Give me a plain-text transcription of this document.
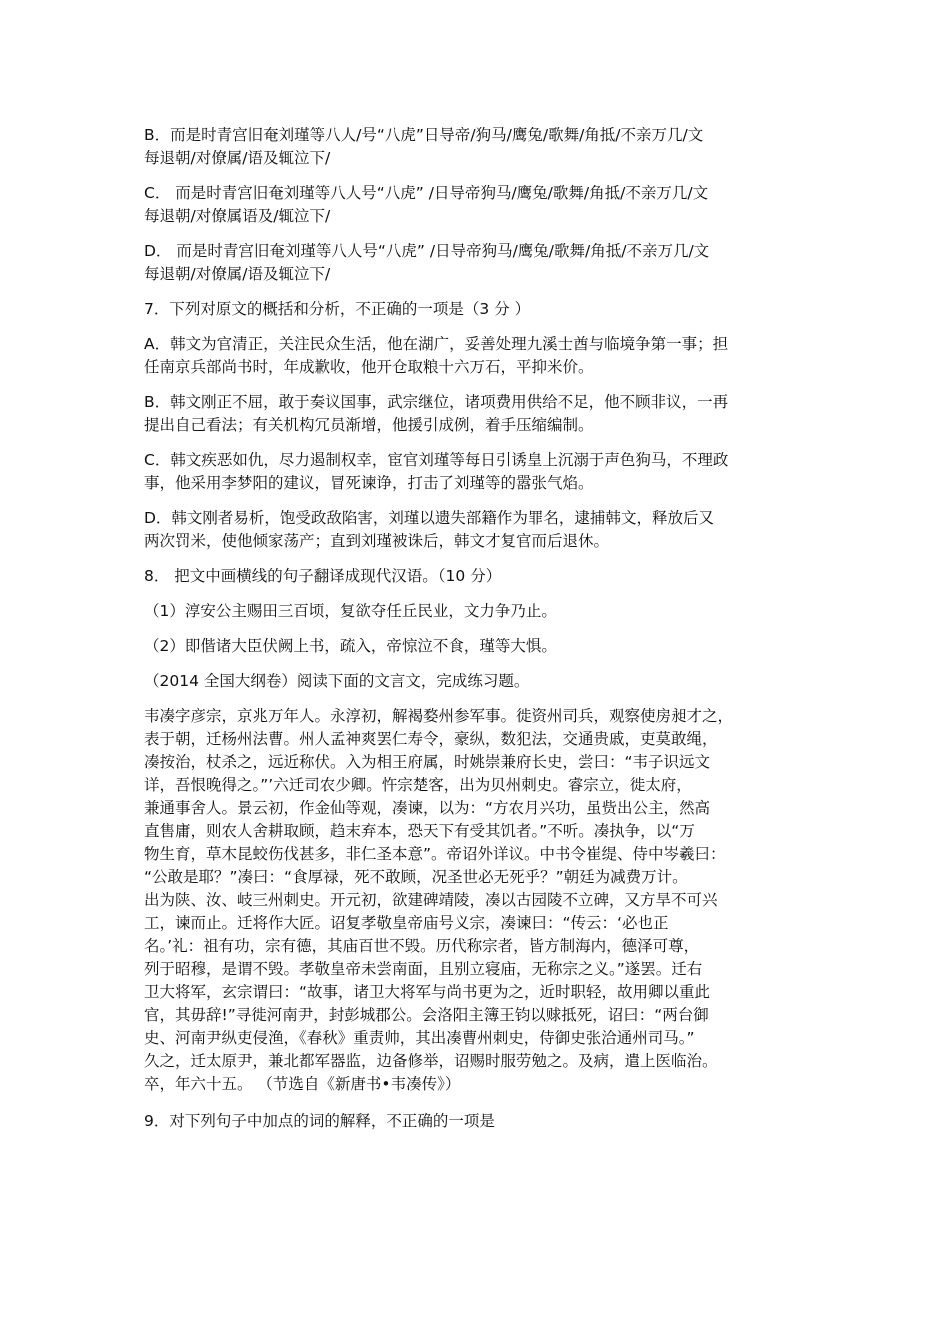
B．而是时青宫旧奄刘瑾等八人/号“八虎”日导帝/狗马/鹰兔/歌舞/角抵/不亲万几/文
每退朝/对僚属/语及辄泣下/

C． 而是时青宫旧奄刘瑾等八人号“八虎” /日导帝狗马/鹰兔/歌舞/角抵/不亲万几/文
每退朝/对僚属语及/辄泣下/

D． 而是时青宫旧奄刘瑾等八人号“八虎” /日导帝狗马/鹰兔/歌舞/角抵/不亲万几/文
每退朝/对僚属/语及辄泣下/

7．下列对原文的概括和分析，不正确的一项是（3 分 ）

A．韩文为官清正，关注民众生活，他在湖广，妥善处理九溪士酋与临境争第一事；担
任南京兵部尚书时，年成歉收，他开仓取粮十六万石，平抑米价。

B．韩文刚正不屈，敢于奏议国事，武宗继位，诸项费用供给不足，他不顾非议，一再
提出自己看法；有关机构冗员渐增，他援引成例，着手压缩编制。

C．韩文疾恶如仇，尽力遏制权幸，宦官刘瑾等每日引诱皇上沉溺于声色狗马，不理政
事，他采用李梦阳的建议，冒死谏诤，打击了刘瑾等的嚣张气焰。

D．韩文刚者易析，饱受政敌陷害，刘瑾以遗失部籍作为罪名，逮捕韩文，释放后又
两次罚米，使他倾家荡产；直到刘瑾被诛后，韩文才复官而后退休。

8． 把文中画横线的句子翻译成现代汉语。（10 分）

（1）淳安公主赐田三百顷，复欲夺任丘民业，文力争乃止。

（2）即偕诸大臣伏阙上书，疏入，帝惊泣不食，瑾等大惧。

（2014 全国大纲卷）阅读下面的文言文，完成练习题。

韦凑字彦宗，京兆万年人。永淳初，解褐婺州参军事。徙资州司兵，观察使房昶才之，
表于朝，迁杨州法曹。州人孟神爽罢仁寿令，豪纵，数犯法，交通贵戚，吏莫敢绳，
凑按治，杖杀之，远近称伏。入为相王府属，时姚崇兼府长史，尝曰：“韦子识远文
详，吾恨晚得之。”’六迁司农少卿。忤宗楚客，出为贝州刺史。睿宗立，徙太府，
兼通事舍人。景云初，作金仙等观，凑谏，以为：“方农月兴功，虽赀出公主，然高
直售庸，则农人舍耕取顾，趋末弃本，恐天下有受其饥者。”不听。凑执争，以“万
物生育，草木昆蛟伤伐甚多，非仁圣本意”。帝诏外详议。中书令崔缇、侍中岑羲曰：
“公敢是耶？”凑曰：“食厚禄，死不敢顾，况圣世必无死乎？”朝廷为减费万计。
出为陕、汝、岐三州刺史。开元初，欲建碑靖陵，凑以古园陵不立碑，又方旱不可兴
工，谏而止。迁将作大匠。诏复孝敬皇帝庙号义宗，凑谏曰：“传云：‘必也正
名。’礼：祖有功，宗有德，其庙百世不毁。历代称宗者，皆方制海内，德泽可尊，
列于昭穆，是谓不毁。孝敬皇帝未尝南面，且别立寝庙，无称宗之义。”遂罢。迁右
卫大将军，玄宗谓曰：“故事，诸卫大将军与尚书更为之，近时职轻，故用卿以重此
官，其毋辞!”寻徙河南尹，封彭城郡公。会洛阳主簿王钧以赇抵死，诏曰：“两台御
史、河南尹纵吏侵渔，《春秋》重责帅，其出凑曹州刺史，侍御史张洽通州司马。”
久之，迁太原尹，兼北都军器监，边备修举，诏赐时服劳勉之。及病，遣上医临治。
卒，年六十五。 （节选自《新唐书•韦凑传》）

9．对下列句子中加点的词的解释，不正确的一项是
